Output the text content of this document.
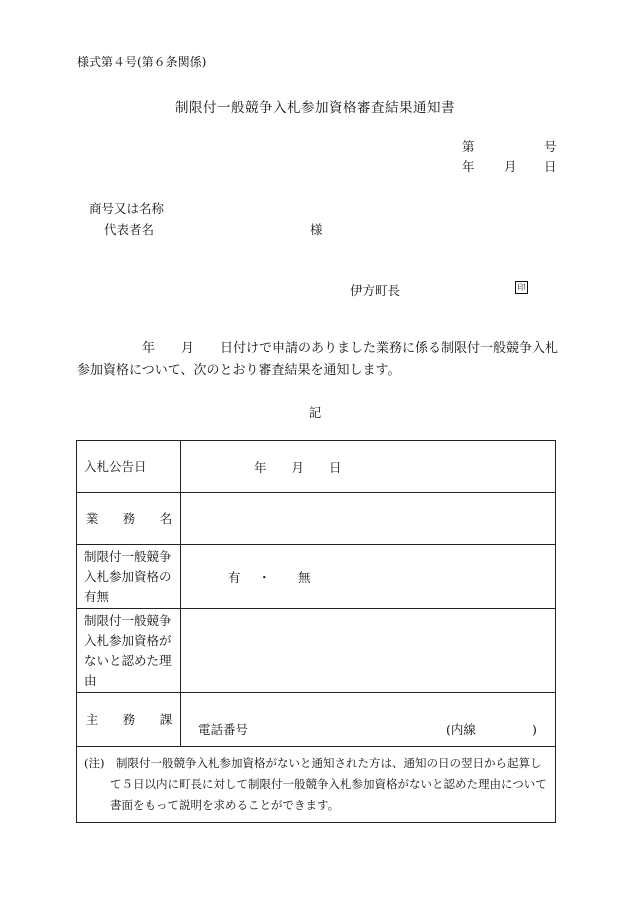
様式第４号(第６条関係)
制限付一般競争入札参加資格審査結果通知書
第	号
年 月 日
商号又は名称
代表者名	様
伊方町長	印
　　　　　年　　月　　日付けで申請のありました業務に係る制限付一般競争入札参加資格について、次のとおり審査結果を通知します。
記
入札公告日	年　　月　　日
業　務　名	
制限付一般競争入札参加資格の有無	有 ・ 無
制限付一般競争入札参加資格がないと認めた理由	
主　務　課	電話番号 (内線 )
(注)　 制限付一般競争入札参加資格がないと通知された方は、通知の日の翌日から起算して５日以内に町長に対して制限付一般競争入札参加資格がないと認めた理由について書面をもって説明を求めることができます。
